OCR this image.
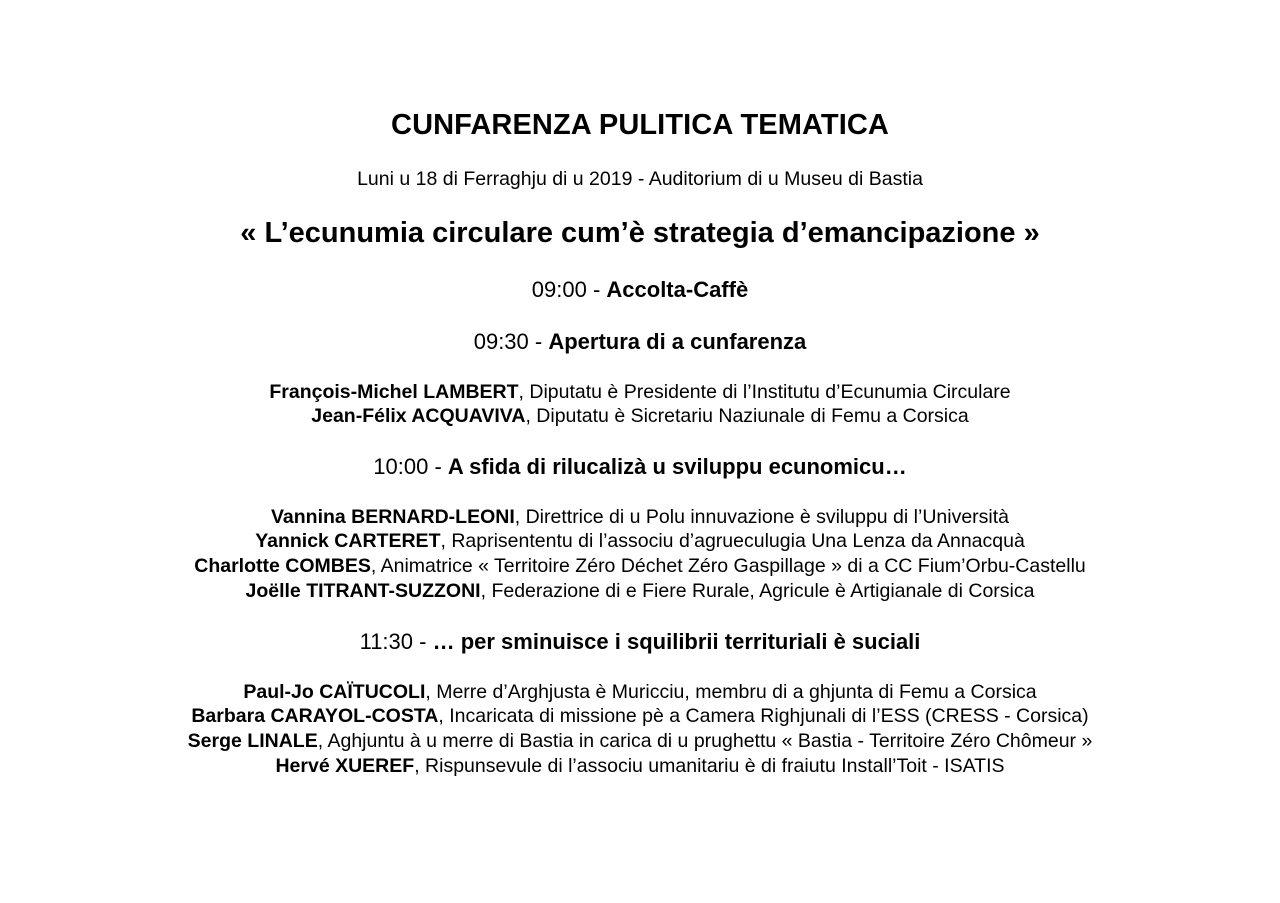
CUNFARENZA PULITICA TEMATICA
Luni u 18 di Ferraghju di u 2019 - Auditorium di u Museu di Bastia
« L’ecunumia circulare cum’è strategia d’emancipazione »
09:00 - Accolta-Caffè
09:30 - Apertura di a cunfarenza
François-Michel LAMBERT, Diputatu è Presidente di l’Institutu d’Ecunumia Circulare
Jean-Félix ACQUAVIVA, Diputatu è Sicretariu Naziunale di Femu a Corsica
10:00 - A sfida di rilucalizà u sviluppu ecunomicu…
Vannina BERNARD-LEONI, Direttrice di u Polu innuvazione è sviluppu di l’Università
Yannick CARTERET, Raprisententu di l’associu d’agrueculugia Una Lenza da Annacquà
Charlotte COMBES, Animatrice « Territoire Zéro Déchet Zéro Gaspillage » di a CC Fium’Orbu-Castellu
Joëlle TITRANT-SUZZONI, Federazione di e Fiere Rurale, Agricule è Artigianale di Corsica
11:30 - … per sminuisce i squilibrii territuriali è suciali
Paul-Jo CAÏTUCOLI, Merre d’Arghjusta è Muricciu, membru di a ghjunta di Femu a Corsica
Barbara CARAYOL-COSTA, Incaricata di missione pè a Camera Righjunali di l’ESS (CRESS - Corsica)
Serge LINALE, Aghjuntu à u merre di Bastia in carica di u prughettu « Bastia - Territoire Zéro Chômeur »
Hervé XUEREF, Rispunsevule di l’associu umanitariu è di fraiutu Install’Toit - ISATIS
